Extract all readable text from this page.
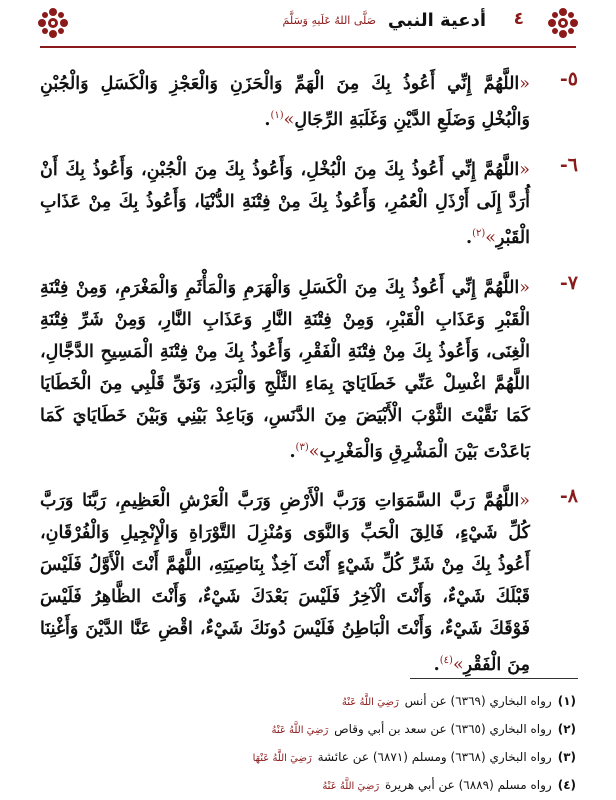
٤
أدعية النبي
صَلَّى اللهُ عَلَيهِ وَسَلَّمَ
٥-

«اللَّهُمَّ إِنِّي أَعُوذُ بِكَ مِنَ الْهَمِّ وَالْحَزَنِ وَالْعَجْزِ وَالْكَسَلِ وَالْجُبْنِ وَالْبُخْلِ وَضَلَعِ الدَّيْنِ وَغَلَبَةِ الرِّجَالِ»$^{(١)}$.

٦-

«اللَّهُمَّ إِنِّي أَعُوذُ بِكَ مِنَ الْبُخْلِ، وَأَعُوذُ بِكَ مِنَ الْجُبْنِ، وَأَعُوذُ بِكَ أَنْ أُرَدَّ إِلَى أَرْذَلِ الْعُمُرِ، وَأَعُوذُ بِكَ مِنْ فِتْنَةِ الدُّنْيَا، وَأَعُوذُ بِكَ مِنْ عَذَابِ الْقَبْرِ»$^{(٢)}$.

٧-

«اللَّهُمَّ إِنِّي أَعُوذُ بِكَ مِنَ الْكَسَلِ وَالْهَرَمِ وَالْمَأْثَمِ وَالْمَغْرَمِ، وَمِنْ فِتْنَةِ الْقَبْرِ وَعَذَابِ الْقَبْرِ، وَمِنْ فِتْنَةِ النَّارِ وَعَذَابِ النَّارِ، وَمِنْ شَرِّ فِتْنَةِ الْغِنَى، وَأَعُوذُ بِكَ مِنْ فِتْنَةِ الْفَقْرِ، وَأَعُوذُ بِكَ مِنْ فِتْنَةِ الْمَسِيحِ الدَّجَّالِ، اللَّهُمَّ اغْسِلْ عَنِّي خَطَايَايَ بِمَاءِ الثَّلْجِ وَالْبَرَدِ، وَنَقِّ قَلْبِي مِنَ الْخَطَايَا كَمَا نَقَّيْتَ الثَّوْبَ الْأَبْيَضَ مِنَ الدَّنَسِ، وَبَاعِدْ بَيْنِي وَبَيْنَ خَطَايَايَ كَمَا بَاعَدْتَ بَيْنَ الْمَشْرِقِ وَالْمَغْرِبِ»$^{(٣)}$.

٨-

«اللَّهُمَّ رَبَّ السَّمَوَاتِ وَرَبَّ الْأَرْضِ وَرَبَّ الْعَرْشِ الْعَظِيمِ، رَبَّنَا وَرَبَّ كُلِّ شَيْءٍ، فَالِقَ الْحَبِّ وَالنَّوَى وَمُنْزِلَ التَّوْرَاةِ وَالْإِنْجِيلِ وَالْفُرْقَانِ، أَعُوذُ بِكَ مِنْ شَرِّ كُلِّ شَيْءٍ أَنْتَ آخِذٌ بِنَاصِيَتِهِ، اللَّهُمَّ أَنْتَ الْأَوَّلُ فَلَيْسَ قَبْلَكَ شَيْءٌ، وَأَنْتَ الْآخِرُ فَلَيْسَ بَعْدَكَ شَيْءٌ، وَأَنْتَ الظَّاهِرُ فَلَيْسَ فَوْقَكَ شَيْءٌ، وَأَنْتَ الْبَاطِنُ فَلَيْسَ دُونَكَ شَيْءٌ، اقْضِ عَنَّا الدَّيْنَ وَأَغْنِنَا مِنَ الْفَقْرِ»$^{(٤)}$.

(١)رواه البخاري (٦٣٦٩) عن أنس رَضِيَ اللَّهُ عَنْهُ
(٢)رواه البخاري (٦٣٦٥) عن سعد بن أبي وقاص رَضِيَ اللَّهُ عَنْهُ
(٣)رواه البخاري (٦٣٦٨) ومسلم (٦٨٧١) عن عائشة رَضِيَ اللَّهُ عَنْهَا
(٤)رواه مسلم (٦٨٨٩) عن أبي هريرة رَضِيَ اللَّهُ عَنْهُ
